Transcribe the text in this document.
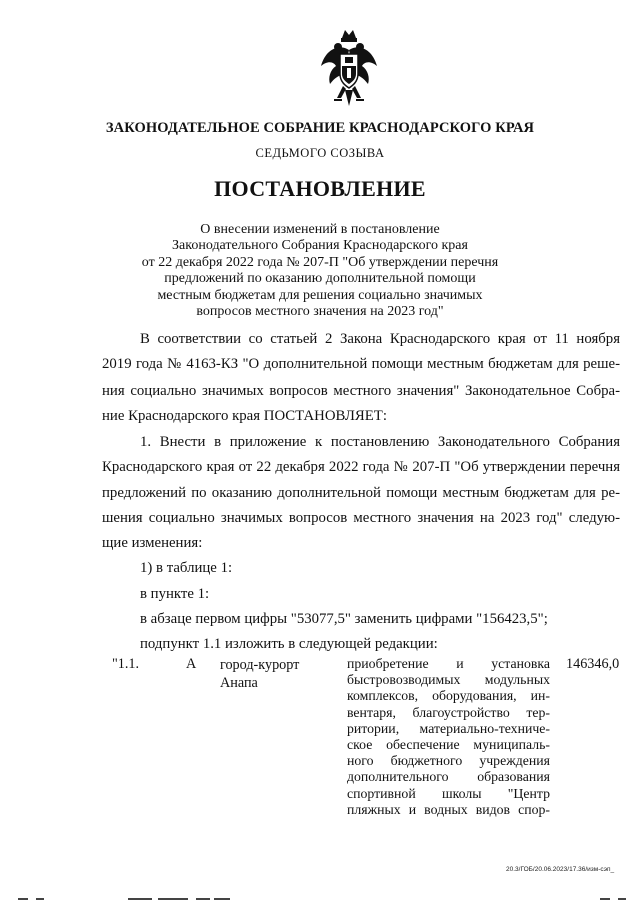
ЗАКОНОДАТЕЛЬНОЕ СОБРАНИЕ КРАСНОДАРСКОГО КРАЯ
СЕДЬМОГО СОЗЫВА
ПОСТАНОВЛЕНИЕ
О внесении изменений в постановление
Законодательного Собрания Краснодарского края
от 22 декабря 2022 года № 207-П "Об утверждении перечня
предложений по оказанию дополнительной помощи
местным бюджетам для решения социально значимых
вопросов местного значения на 2023 год"
В соответствии со статьей 2 Закона Краснодарского края от 11 ноября
2019 года № 4163-КЗ "О дополнительной помощи местным бюджетам для реше-
ния социально значимых вопросов местного значения" Законодательное Собра-
ние Краснодарского края ПОСТАНОВЛЯЕТ:
1. Внести в приложение к постановлению Законодательного Собрания
Краснодарского края от 22 декабря 2022 года № 207-П "Об утверждении перечня
предложений по оказанию дополнительной помощи местным бюджетам для ре-
шения социально значимых вопросов местного значения на 2023 год" следую-
щие изменения:
1) в таблице 1:
в пункте 1:
в абзаце первом цифры "53077,5" заменить цифрами "156423,5";
подпункт 1.1 изложить в следующей редакции:
"1.1.	А город-курорт
Анапа
приобретение и установка
быстровозводимых модульных
комплексов, оборудования, ин-
вентаря, благоустройство тер-
ритории, материально-техниче-
ское обеспечение муниципаль-
ного бюджетного учреждения
дополнительного образования
спортивной школы "Центр
пляжных и водных видов спор-
146346,0
20.3/ГОБ/20.06.2023/17.36/изм-сэп_
